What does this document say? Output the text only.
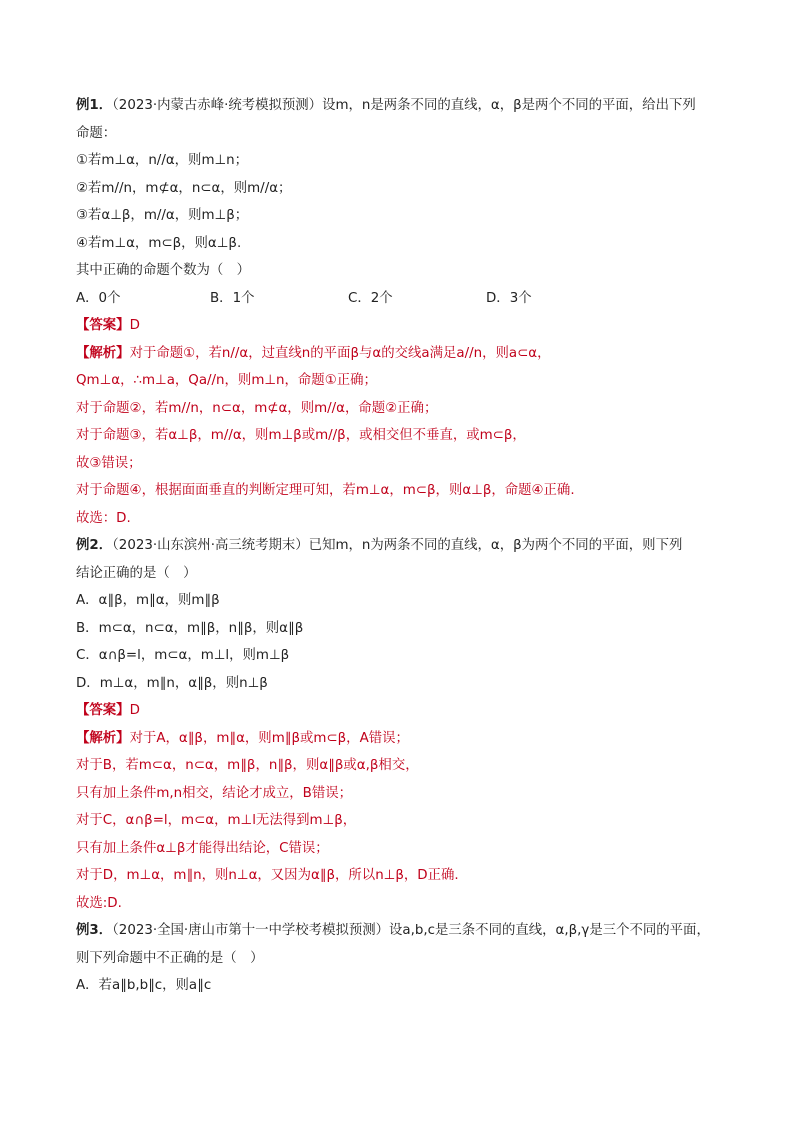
例1．（2023·内蒙古赤峰·统考模拟预测）设m，n是两条不同的直线，α，β是两个不同的平面，给出下列
命题：
①若m⊥α，n//α，则m⊥n；
②若m//n，m⊄α，n⊂α，则m//α；
③若α⊥β，m//α，则m⊥β；
④若m⊥α，m⊂β，则α⊥β.
其中正确的命题个数为（　）
A．0个	B．1个	C．2个	D．3个
【答案】D
【解析】对于命题①，若n//α，过直线n的平面β与α的交线a满足a//n，则a⊂α，
Qm⊥α，∴m⊥a，Qa//n，则m⊥n，命题①正确；
对于命题②，若m//n，n⊂α，m⊄α，则m//α，命题②正确；
对于命题③，若α⊥β，m//α，则m⊥β或m//β，或相交但不垂直，或m⊂β，
故③错误；
对于命题④，根据面面垂直的判断定理可知，若m⊥α，m⊂β，则α⊥β，命题④正确.
故选：D.
例2．（2023·山东滨州·高三统考期末）已知m，n为两条不同的直线，α，β为两个不同的平面，则下列
结论正确的是（　）
A．α∥β，m∥α，则m∥β
B．m⊂α，n⊂α，m∥β，n∥β，则α∥β
C．α∩β=l，m⊂α，m⊥l，则m⊥β
D．m⊥α，m∥n，α∥β，则n⊥β
【答案】D
【解析】对于A，α∥β，m∥α，则m∥β或m⊂β，A错误；
对于B，若m⊂α，n⊂α，m∥β，n∥β，则α∥β或α,β相交，
只有加上条件m,n相交，结论才成立，B错误；
对于C，α∩β=l，m⊂α，m⊥l无法得到m⊥β，
只有加上条件α⊥β才能得出结论，C错误；
对于D，m⊥α，m∥n，则n⊥α，又因为α∥β，所以n⊥β，D正确.
故选:D.
例3．（2023·全国·唐山市第十一中学校考模拟预测）设a,b,c是三条不同的直线，α,β,γ是三个不同的平面，
则下列命题中不正确的是（　）
A．若a∥b,b∥c，则a∥c
